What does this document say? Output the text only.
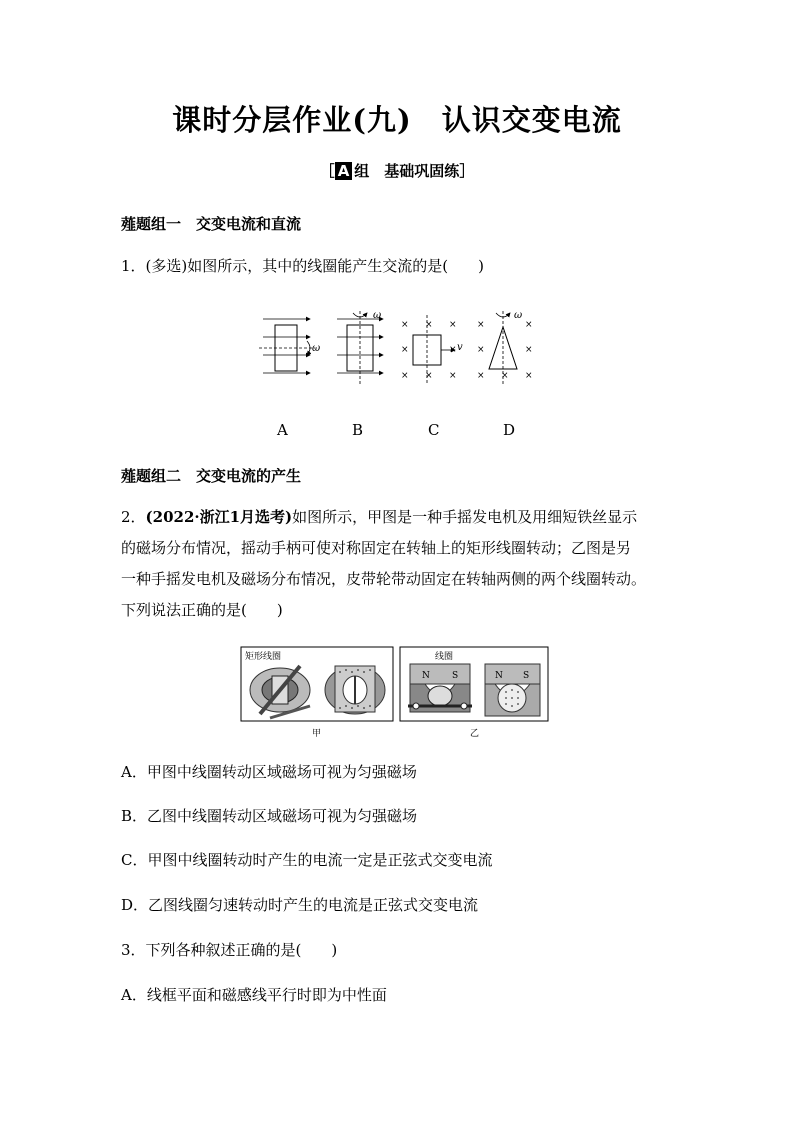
课时分层作业(九)　认识交变电流
［ A 组　基础巩固练］
薤题组一　交变电流和直流
1．(多选)如图所示，其中的线圈能产生交流的是(　　)
ω
ω
× × ×
×	×
× × ×
v
×	×
×	×
× × ×
ω
A	B	C	D
薤题组二　交变电流的产生
2．(2022·浙江1月选考)如图所示，甲图是一种手摇发电机及用细短铁丝显示
的磁场分布情况，摇动手柄可使对称固定在转轴上的矩形线圈转动；乙图是另
一种手摇发电机及磁场分布情况，皮带轮带动固定在转轴两侧的两个线圈转动。
下列说法正确的是(　　)
矩形线圈
甲
线圈
N S	N S
乙
A．甲图中线圈转动区域磁场可视为匀强磁场
B．乙图中线圈转动区域磁场可视为匀强磁场
C．甲图中线圈转动时产生的电流一定是正弦式交变电流
D．乙图线圈匀速转动时产生的电流是正弦式交变电流
3．下列各种叙述正确的是(　　)
A．线框平面和磁感线平行时即为中性面
